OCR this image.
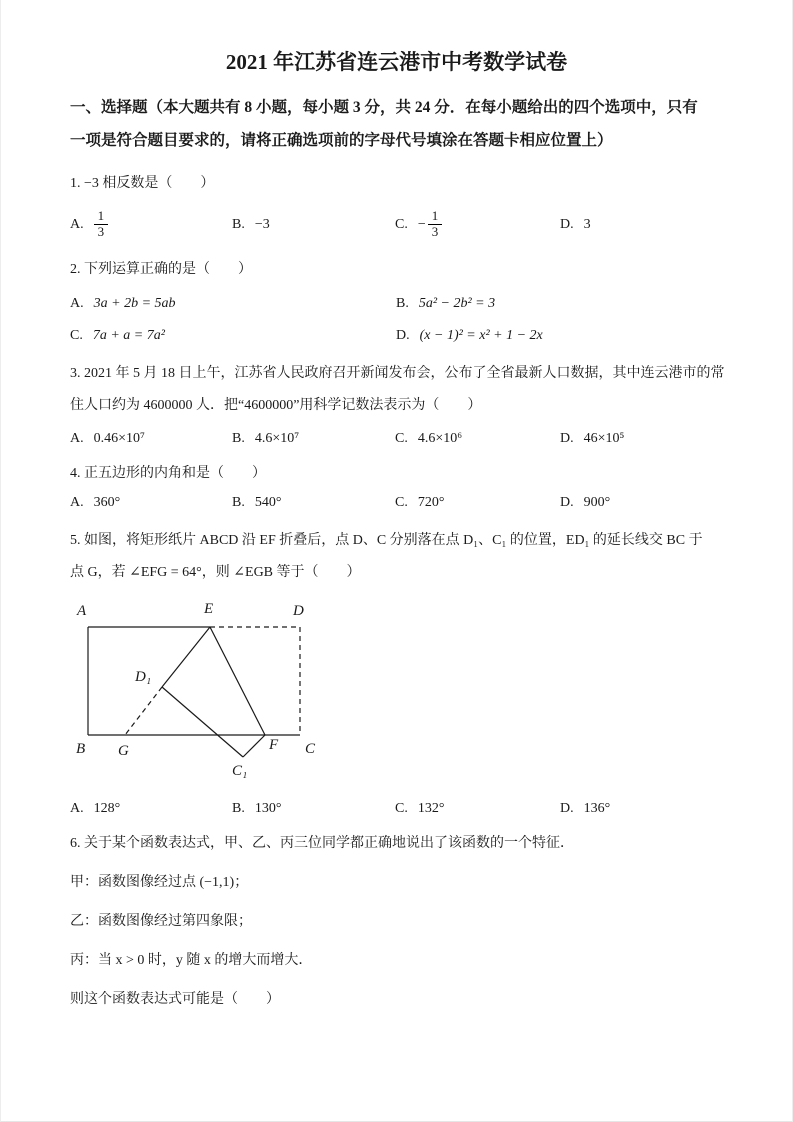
2021 年江苏省连云港市中考数学试卷
一、选择题（本大题共有 8 小题，每小题 3 分，共 24 分．在每小题给出的四个选项中，只有
一项是符合题目要求的，请将正确选项前的字母代号填涂在答题卡相应位置上）
1. −3 相反数是（　　）
A. $\frac{1}{3}$	B. −3	C. − $\frac{1}{3}$	D. 3
2. 下列运算正确的是（　　）
A. 3a + 2b = 5ab	B. 5a² − 2b² = 3
C. 7a + a = 7a²	D. (x − 1)² = x² + 1 − 2x
3. 2021 年 5 月 18 日上午，江苏省人民政府召开新闻发布会，公布了全省最新人口数据，其中连云港市的常
住人口约为 4600000 人．把“4600000”用科学记数法表示为（　　）
A. 0.46×10⁷	B. 4.6×10⁷	C. 4.6×10⁶	D. 46×10⁵
4. 正五边形的内角和是（　　）
A. 360°	B. 540°	C. 720°	D. 900°
5. 如图，将矩形纸片 ABCD 沿 EF 折叠后，点 D、C 分别落在点 D₁、C₁ 的位置，ED₁ 的延长线交 BC 于
点 G，若 ∠EFG = 64°，则 ∠EGB 等于（　　）
A	E	D
D₁
B G	F C
C₁
A. 128°	B. 130°	C. 132°	D. 136°
6. 关于某个函数表达式，甲、乙、丙三位同学都正确地说出了该函数的一个特征．
甲：函数图像经过点 (−1,1)；
乙：函数图像经过第四象限；
丙：当 x > 0 时，y 随 x 的增大而增大．
则这个函数表达式可能是（　　）
